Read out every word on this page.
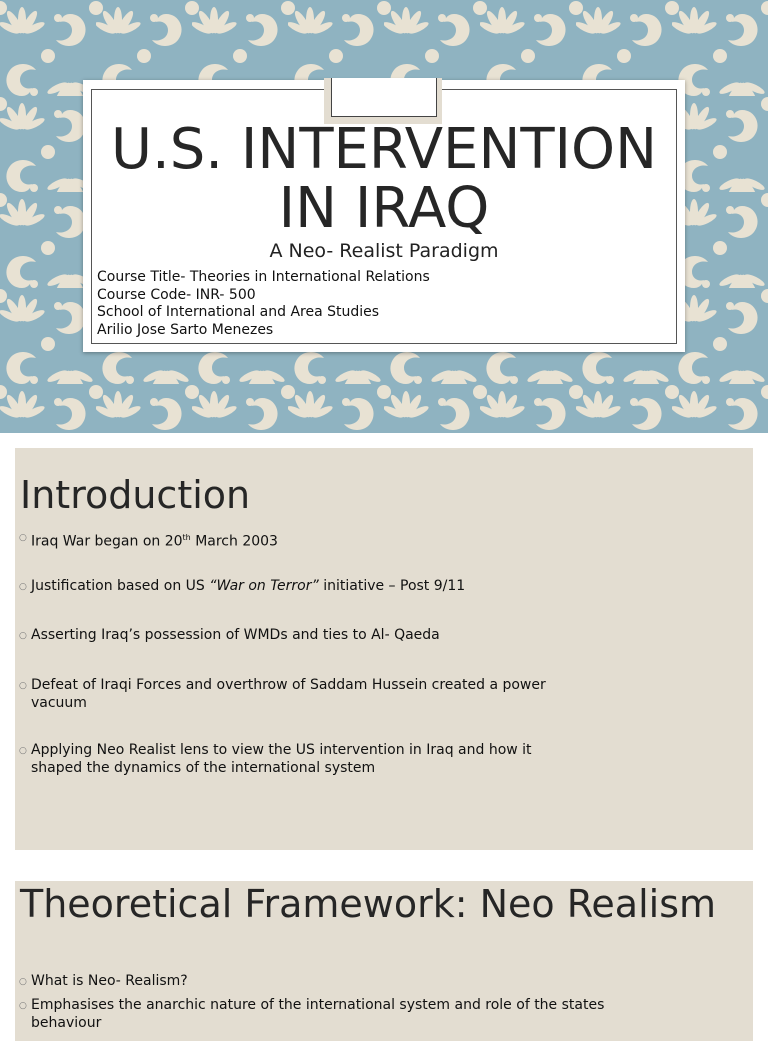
U.S. INTERVENTION IN IRAQ

A Neo- Realist Paradigm

Course Title- Theories in International Relations
Course Code- INR- 500
School of International and Area Studies
Arilio Jose Sarto Menezes
Introduction
○ Iraq War began on 20th March 2003
○ Justification based on US “War on Terror” initiative – Post 9/11
○ Asserting Iraq’s possession of WMDs and ties to Al- Qaeda
○ Defeat of Iraqi Forces and overthrow of Saddam Hussein created a power vacuum
○ Applying Neo Realist lens to view the US intervention in Iraq and how it shaped the dynamics of the international system
Theoretical Framework: Neo Realism
○ What is Neo- Realism?
○ Emphasises the anarchic nature of the international system and role of the states behaviour
